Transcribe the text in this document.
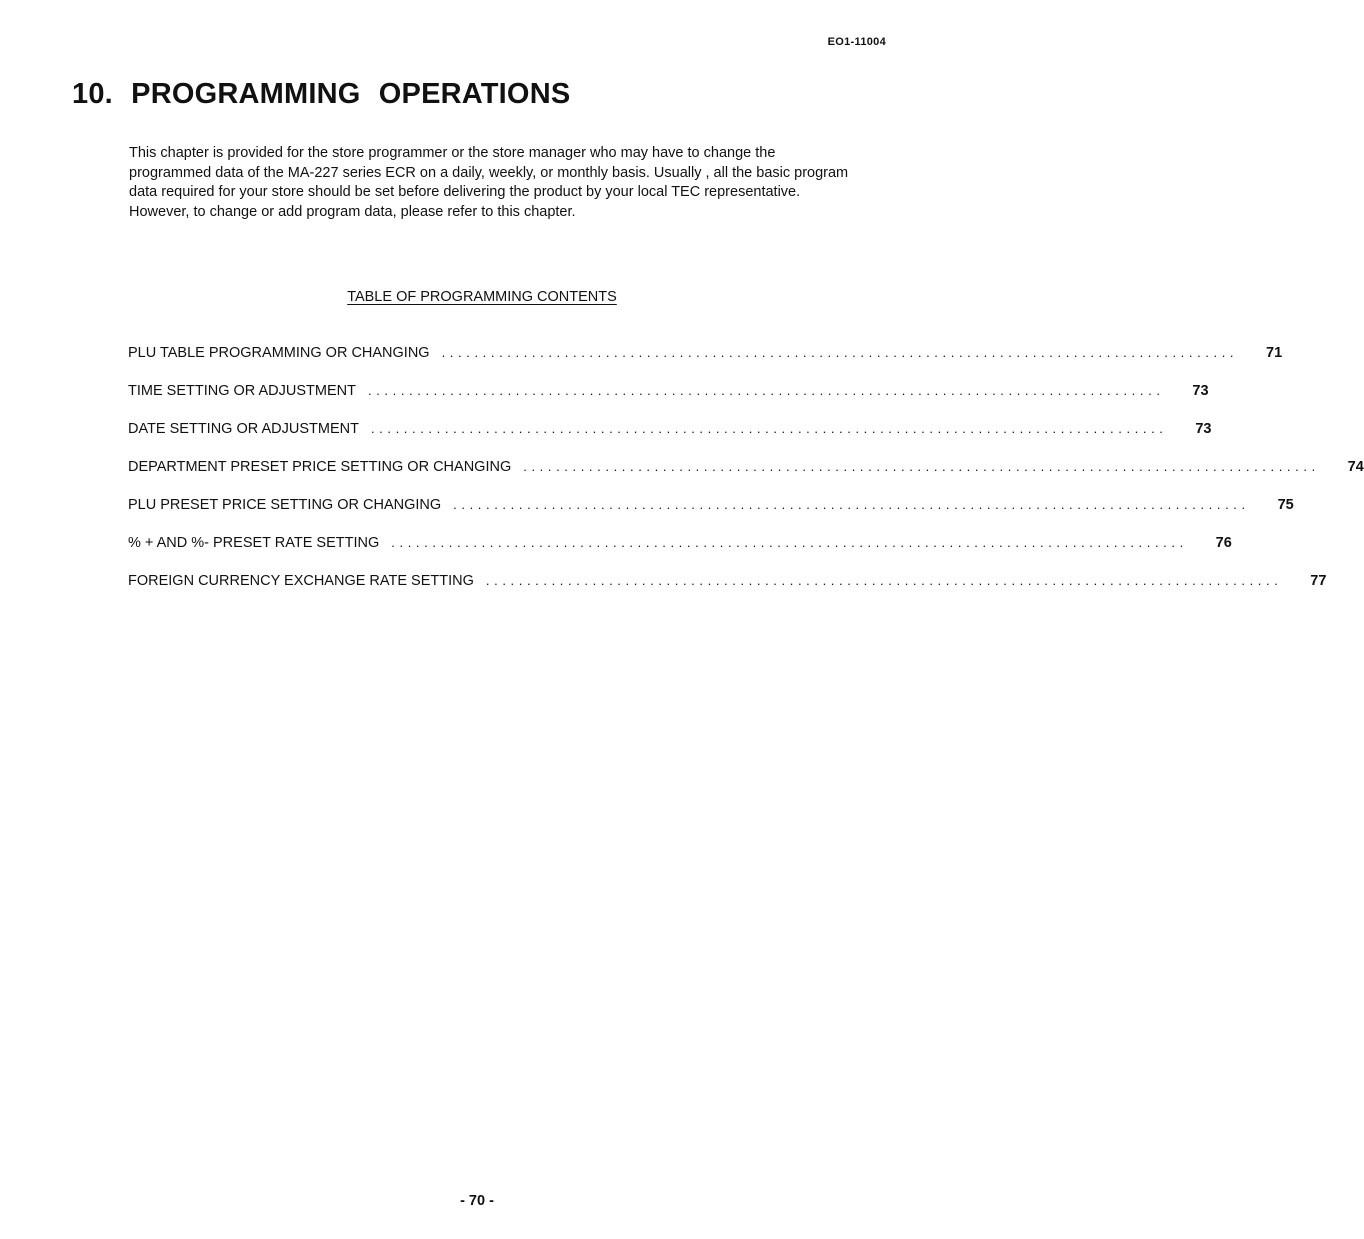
EO1-11004
10. PROGRAMMING OPERATIONS

This chapter is provided for the store programmer or the store manager who may have to change the programmed data of the MA-227 series ECR on a daily, weekly, or monthly basis. Usually , all the basic program data required for your store should be set before delivering the product by your local TEC representative. However, to change or add program data, please refer to this chapter.

TABLE OF PROGRAMMING CONTENTS
PLU TABLE PROGRAMMING OR CHANGING ................................................................................................. 71
TIME SETTING OR ADJUSTMENT ................................................................................................. 73
DATE SETTING OR ADJUSTMENT ................................................................................................. 73
DEPARTMENT PRESET PRICE SETTING OR CHANGING ................................................................................................. 74
PLU PRESET PRICE SETTING OR CHANGING ................................................................................................. 75
% + AND %- PRESET RATE SETTING ................................................................................................. 76
FOREIGN CURRENCY EXCHANGE RATE SETTING ................................................................................................. 77
- 70 -
